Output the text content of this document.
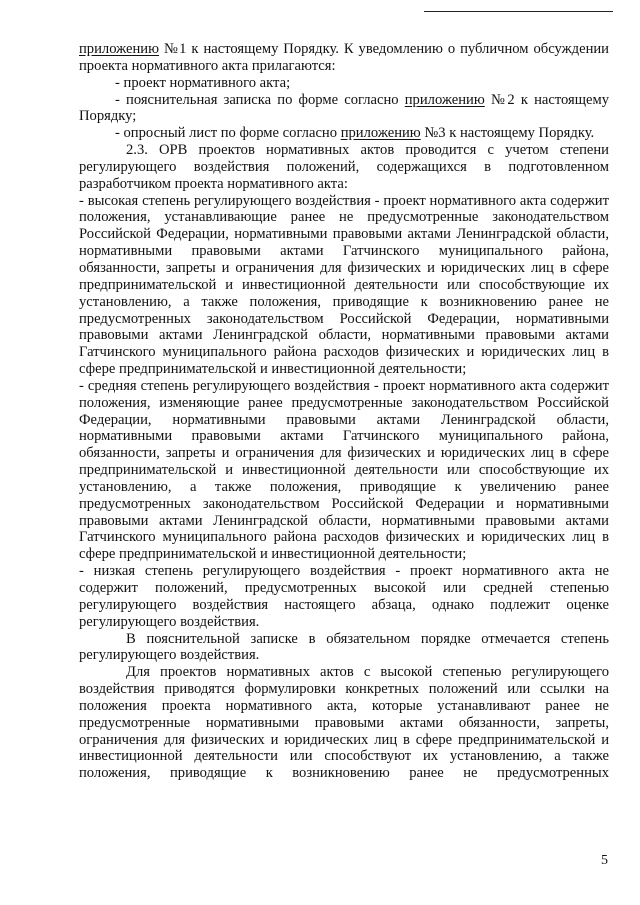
приложению №1 к настоящему Порядку. К уведомлению о публичном обсуждении проекта нормативного акта прилагаются:

- проект нормативного акта;

- пояснительная записка по форме согласно приложению №2 к настоящему Порядку;

- опросный лист по форме согласно приложению №3 к настоящему Порядку.

2.3. ОРВ проектов нормативных актов проводится с учетом степени регулирующего воздействия положений, содержащихся в подготовленном разработчиком проекта нормативного акта:

- высокая степень регулирующего воздействия - проект нормативного акта содержит положения, устанавливающие ранее не предусмотренные законодательством Российской Федерации, нормативными правовыми актами Ленинградской области, нормативными правовыми актами Гатчинского муниципального района, обязанности, запреты и ограничения для физических и юридических лиц в сфере предпринимательской и инвестиционной деятельности или способствующие их установлению, а также положения, приводящие к возникновению ранее не предусмотренных законодательством Российской Федерации, нормативными правовыми актами Ленинградской области, нормативными правовыми актами Гатчинского муниципального района расходов физических и юридических лиц в сфере предпринимательской и инвестиционной деятельности;

- средняя степень регулирующего воздействия - проект нормативного акта содержит положения, изменяющие ранее предусмотренные законодательством Российской Федерации, нормативными правовыми актами Ленинградской области, нормативными правовыми актами Гатчинского муниципального района, обязанности, запреты и ограничения для физических и юридических лиц в сфере предпринимательской и инвестиционной деятельности или способствующие их установлению, а также положения, приводящие к увеличению ранее предусмотренных законодательством Российской Федерации и нормативными правовыми актами Ленинградской области, нормативными правовыми актами Гатчинского муниципального района расходов физических и юридических лиц в сфере предпринимательской и инвестиционной деятельности;

- низкая степень регулирующего воздействия - проект нормативного акта не содержит положений, предусмотренных высокой или средней степенью регулирующего воздействия настоящего абзаца, однако подлежит оценке регулирующего воздействия.

В пояснительной записке в обязательном порядке отмечается степень регулирующего воздействия.

Для проектов нормативных актов с высокой степенью регулирующего воздействия приводятся формулировки конкретных положений или ссылки на положения проекта нормативного акта, которые устанавливают ранее не предусмотренные нормативными правовыми актами обязанности, запреты, ограничения для физических и юридических лиц в сфере предпринимательской и инвестиционной деятельности или способствуют их установлению, а также положения, приводящие к возникновению ранее не предусмотренных

5
